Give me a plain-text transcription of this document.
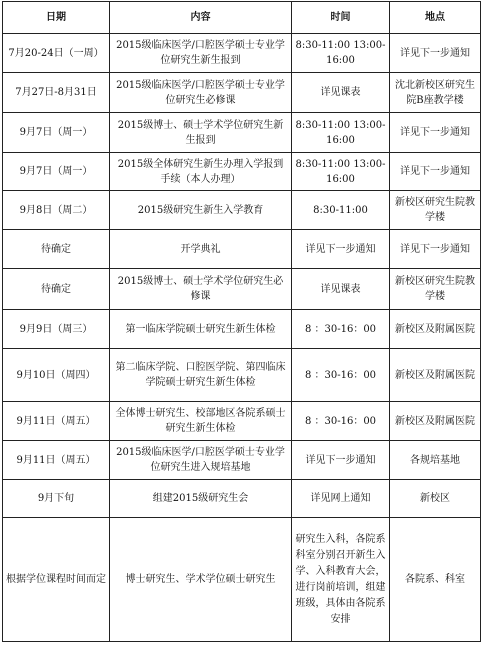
日期	内容	时间	地点
7月20-24日（一周）	2015级临床医学/口腔医学硕士专业学位研究生新生报到	8:30-11:00 13:00-16:00	详见下一步通知
7月27日-8月31日	2015级临床医学/口腔医学硕士专业学位研究生必修课	详见课表	沈北新校区研究生院B座教学楼
9月7日（周一）	2015级博士、硕士学术学位研究生新生报到	8:30-11:00 13:00-16:00	详见下一步通知
9月7日（周一）	2015级全体研究生新生办理入学报到手续（本人办理）	8:30-11:00 13:00-16:00	详见下一步通知
9月8日（周二）	2015级研究生新生入学教育	8:30-11:00	新校区研究生院教学楼
待确定	开学典礼	详见下一步通知	详见下一步通知
待确定	2015级博士、硕士学术学位研究生必修课	详见课表	新校区研究生院教学楼
9月9日（周三）	第一临床学院硕士研究生新生体检	8 ：30-16：00	新校区及附属医院
9月10日（周四）	第二临床学院、口腔医学院、第四临床学院硕士研究生新生体检	8 ：30-16：00	新校区及附属医院
9月11日（周五）	全体博士研究生、校部地区各院系硕士研究生新生体检	8 ：30-16：00	新校区及附属医院
9月11日（周五）	2015级临床医学/口腔医学硕士专业学位研究生进入规培基地	详见下一步通知	各规培基地
9月下旬	组建2015级研究生会	详见网上通知	新校区
根据学位课程时间而定	博士研究生、学术学位硕士研究生	研究生入科，各院系科室分别召开新生入学、入科教育大会，进行岗前培训，组建班级，具体由各院系安排	各院系、科室
